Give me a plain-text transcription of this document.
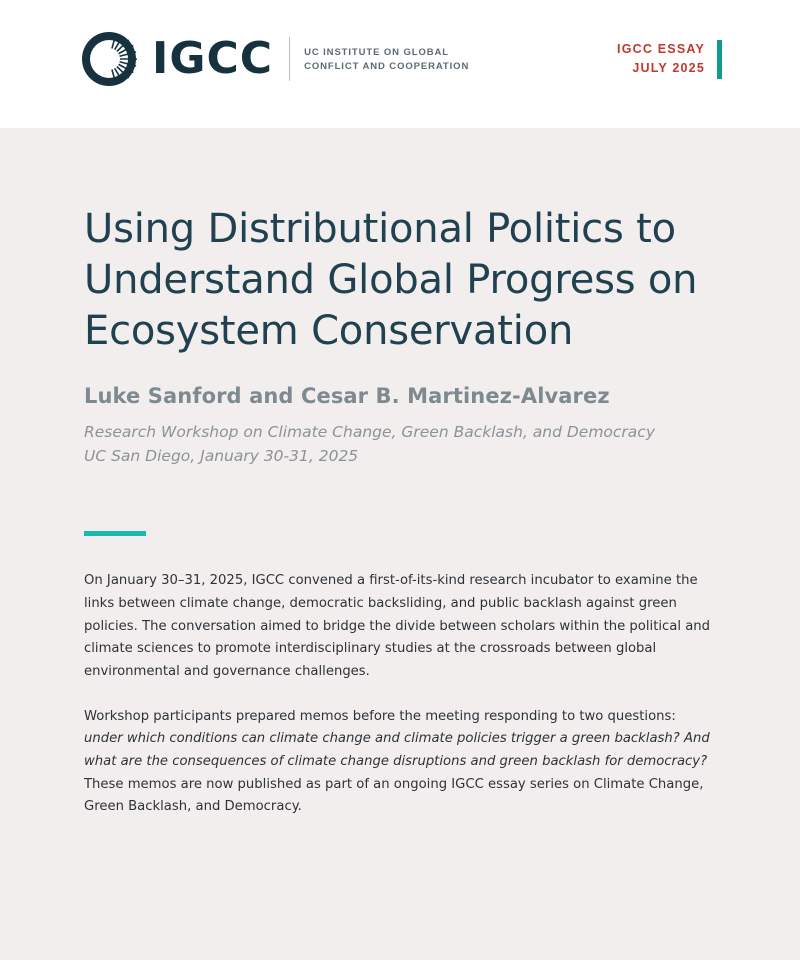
IGCC	UC INSTITUTE ON GLOBAL
CONFLICT AND COOPERATION
IGCC ESSAY
JULY 2025
Using Distributional Politics to Understand Global Progress on Ecosystem Conservation

Luke Sanford and Cesar B. Martinez-Alvarez

Research Workshop on Climate Change, Green Backlash, and Democracy
UC San Diego, January 30-31, 2025

On January 30–31, 2025, IGCC convened a first-of-its-kind research incubator to examine the links between climate change, democratic backsliding, and public backlash against green policies. The conversation aimed to bridge the divide between scholars within the political and climate sciences to promote interdisciplinary studies at the crossroads between global environmental and governance challenges.

Workshop participants prepared memos before the meeting responding to two questions: under which conditions can climate change and climate policies trigger a green backlash? And what are the consequences of climate change disruptions and green backlash for democracy? These memos are now published as part of an ongoing IGCC essay series on Climate Change, Green Backlash, and Democracy.
